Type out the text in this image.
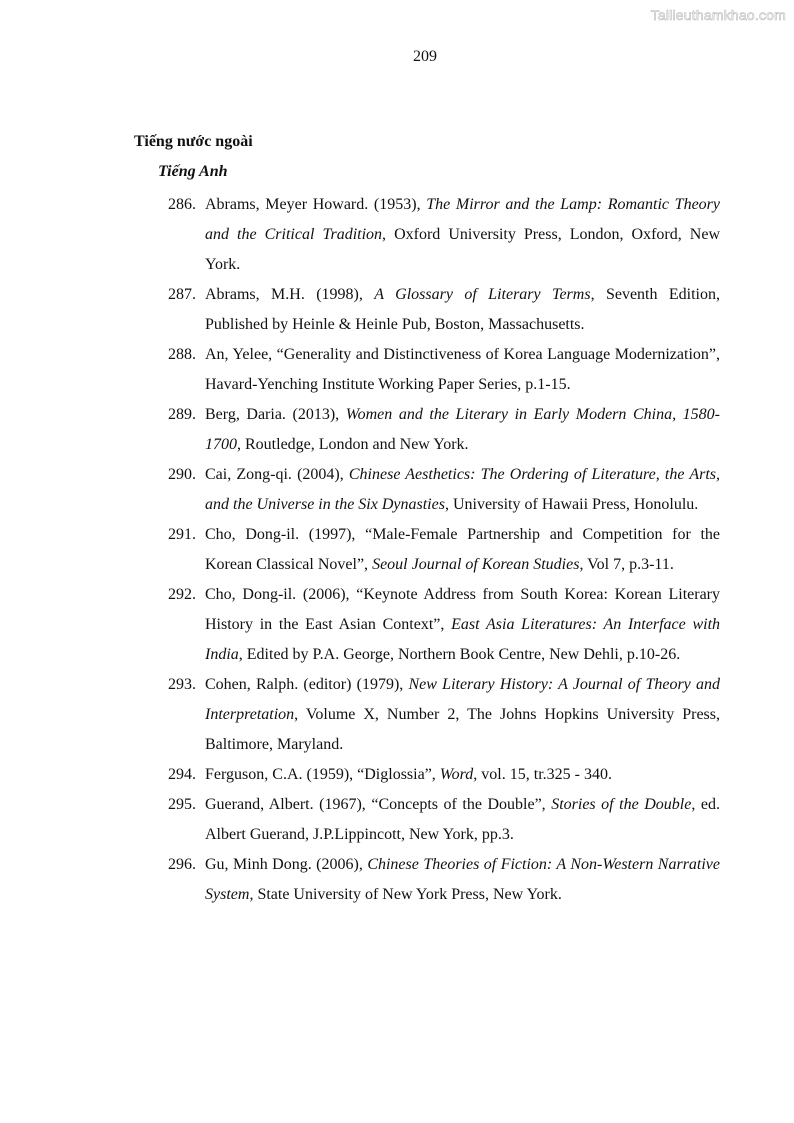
Tailieuthamkhao.com
209
Tiếng nước ngoài
Tiếng Anh
286. Abrams, Meyer Howard. (1953), The Mirror and the Lamp: Romantic Theory and the Critical Tradition, Oxford University Press, London, Oxford, New York.
287. Abrams, M.H. (1998), A Glossary of Literary Terms, Seventh Edition, Published by Heinle & Heinle Pub, Boston, Massachusetts.
288. An, Yelee, “Generality and Distinctiveness of Korea Language Modernization”, Havard-Yenching Institute Working Paper Series, p.1-15.
289. Berg, Daria. (2013), Women and the Literary in Early Modern China, 1580-1700, Routledge, London and New York.
290. Cai, Zong-qi. (2004), Chinese Aesthetics: The Ordering of Literature, the Arts, and the Universe in the Six Dynasties, University of Hawaii Press, Honolulu.
291. Cho, Dong-il. (1997), “Male-Female Partnership and Competition for the Korean Classical Novel”, Seoul Journal of Korean Studies, Vol 7, p.3-11.
292. Cho, Dong-il. (2006), “Keynote Address from South Korea: Korean Literary History in the East Asian Context”, East Asia Literatures: An Interface with India, Edited by P.A. George, Northern Book Centre, New Dehli, p.10-26.
293. Cohen, Ralph. (editor) (1979), New Literary History: A Journal of Theory and Interpretation, Volume X, Number 2, The Johns Hopkins University Press, Baltimore, Maryland.
294. Ferguson, C.A. (1959), “Diglossia”, Word, vol. 15, tr.325 - 340.
295. Guerand, Albert. (1967), “Concepts of the Double”, Stories of the Double, ed. Albert Guerand, J.P.Lippincott, New York, pp.3.
296. Gu, Minh Dong. (2006), Chinese Theories of Fiction: A Non-Western Narrative System, State University of New York Press, New York.
